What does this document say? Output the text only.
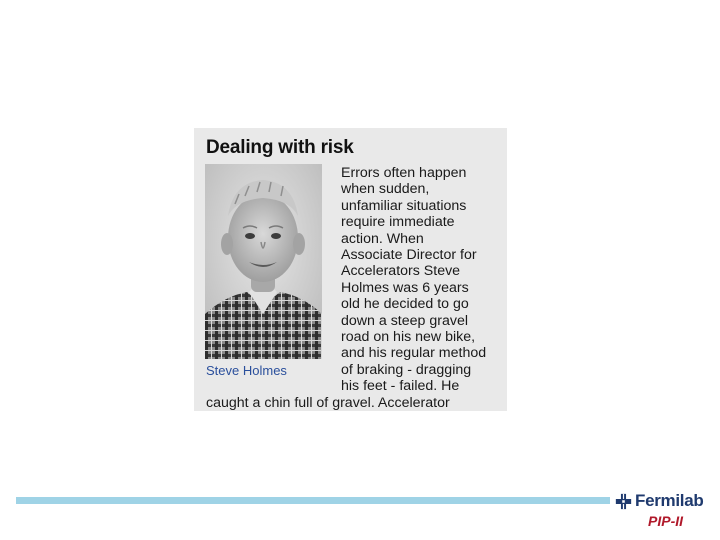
Dealing with risk
Steve Holmes
Errors often happen
when sudden,
unfamiliar situations
require immediate
action. When
Associate Director for
Accelerators Steve
Holmes was 6 years
old he decided to go
down a steep gravel
road on his new bike,
and his regular method
of braking - dragging
his feet - failed. He
caught a chin full of gravel. Accelerator
Fermilab
PIP-II
